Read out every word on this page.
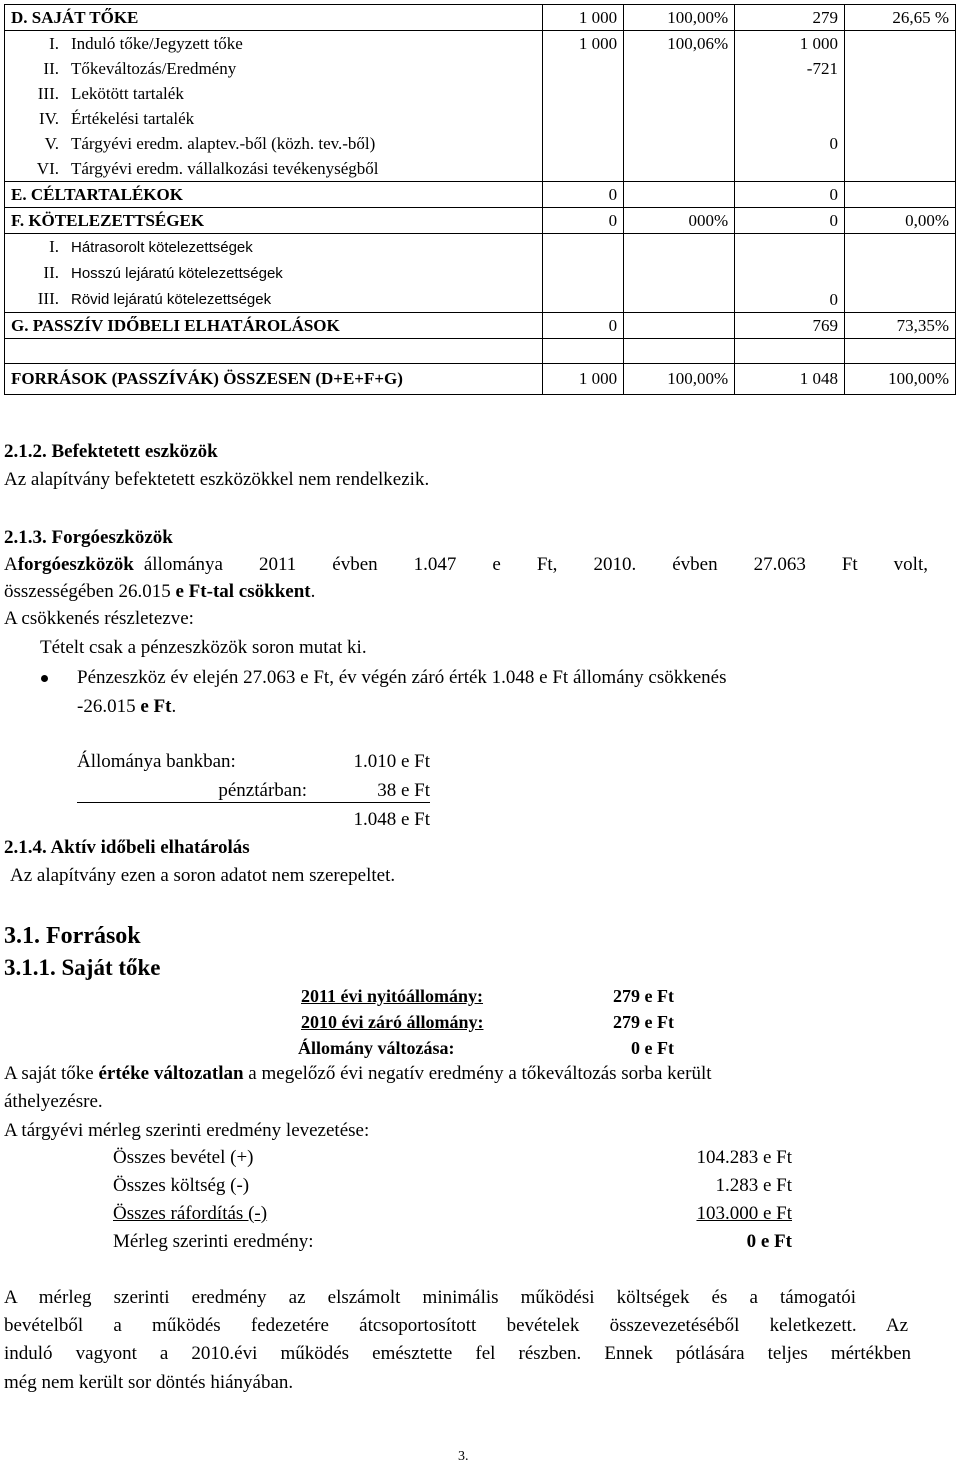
D. SAJÁT TŐKE	1 000	100,00%	279	26,65 %
I. Induló tőke/Jegyzett tőke	1 000	100,06%	1 000	
II. Tőkeváltozás/Eredmény			-721	
III. Lekötött tartalék				
IV. Értékelési tartalék				
V. Tárgyévi eredm. alaptev.-ből (közh. tev.-ből)			0	
VI. Tárgyévi eredm. vállalkozási tevékenységből				
E. CÉLTARTALÉKOK	0		0	
F. KÖTELEZETTSÉGEK	0	000%	0	0,00%
I. Hátrasorolt kötelezettségek				
II. Hosszú lejáratú kötelezettségek				
III. Rövid lejáratú kötelezettségek			0	
G. PASSZÍV IDŐBELI ELHATÁROLÁSOK	0		769	73,35%

FORRÁSOK (PASSZÍVÁK) ÖSSZESEN (D+E+F+G)	1 000	100,00%	1 048	100,00%
2.1.2. Befektetett eszközök
Az alapítvány befektetett eszközökkel nem rendelkezik.
2.1.3. Forgóeszközök
A forgóeszközök állománya 2011 évben 1.047 e Ft, 2010. évben 27.063 Ft volt,
összességében 26.015 e Ft-tal csökkent.
A csökkenés részletezve:
Tételt csak a pénzeszközök soron mutat ki.
Pénzeszköz év elején 27.063 e Ft, év végén záró érték 1.048 e Ft állomány csökkenés
-26.015 e Ft.
Állománya bankban:	1.010 e Ft
pénztárban:	38 e Ft
1.048 e Ft
2.1.4. Aktív időbeli elhatárolás
Az alapítvány ezen a soron adatot nem szerepeltet.
3.1. Források
3.1.1. Saját tőke
2011 évi nyitóállomány:	279 e Ft
2010 évi záró állomány:	279 e Ft
Állomány változása:	0 e Ft
A saját tőke értéke változatlan a megelőző évi negatív eredmény a tőkeváltozás sorba került
áthelyezésre.
A tárgyévi mérleg szerinti eredmény levezetése:
Összes bevétel (+)	104.283 e Ft
Összes költség (-)	1.283 e Ft
Összes ráfordítás (-)	103.000 e Ft
Mérleg szerinti eredmény:	0 e Ft
A mérleg szerinti eredmény az elszámolt minimális működési költségek és a támogatói
bevételből a működés fedezetére átcsoportosított bevételek összevezetéséből keletkezett. Az
induló vagyont a 2010.évi működés emésztette fel részben. Ennek pótlására teljes mértékben
még nem került sor döntés hiányában.
3.
